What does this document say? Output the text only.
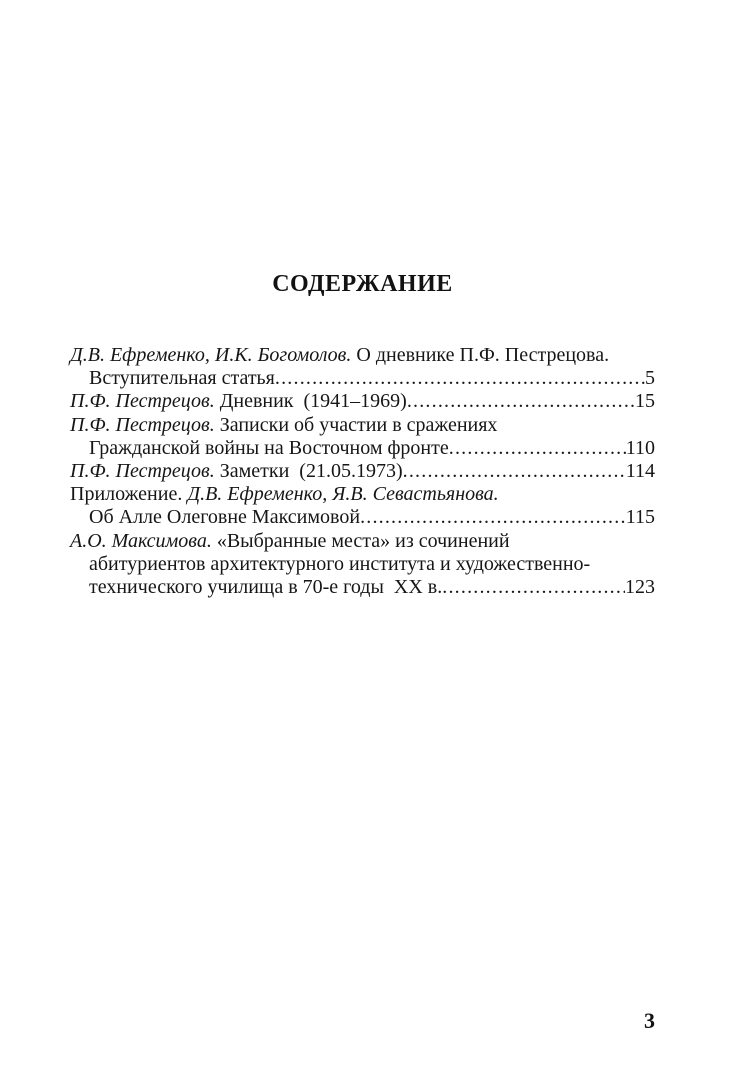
СОДЕРЖАНИЕ
Д.В. Ефременко, И.К. Богомолов. О дневнике П.Ф. Пестрецова.
Вступительная статья .....	5
П.Ф. Пестрецов. Дневник  (1941–1969) .....	15
П.Ф. Пестрецов. Записки об участии в сражениях
Гражданской войны на Восточном фронте .....	110
П.Ф. Пестрецов. Заметки  (21.05.1973) .....	114
Приложение. Д.В. Ефременко, Я.В. Севастьянова.
Об Алле Олеговне Максимовой .....	115
А.О. Максимова. «Выбранные места» из сочинений
абитуриентов архитектурного института и художественно-
технического училища в 70-е годы  XX в. .....	123
3
